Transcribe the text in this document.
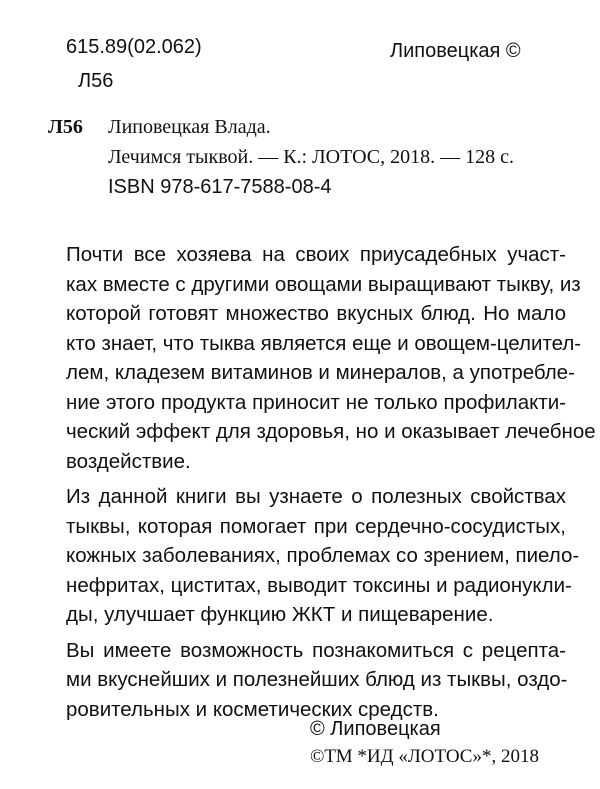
615.89(02.062)
Л56
Липовецкая ©
Л56 Липовецкая Влада.
Лечимся тыквой. — К.: ЛОТОС, 2018. — 128 с.
ISBN 978-617-7588-08-4
Почти все хозяева на своих приусадебных участ-
ках вместе с другими овощами выращивают тыкву, из
которой готовят множество вкусных блюд. Но мало
кто знает, что тыква является еще и овощем-целител-
лем, кладезем витаминов и минералов, а употребле-
ние этого продукта приносит не только профилакти-
ческий эффект для здоровья, но и оказывает лечебное
воздействие.
Из данной книги вы узнаете о полезных свойствах
тыквы, которая помогает при сердечно-сосудистых,
кожных заболеваниях, проблемах со зрением, пиело-
нефритах, циститах, выводит токсины и радионукли-
ды, улучшает функцию ЖКТ и пищеварение.
Вы имеете возможность познакомиться с рецепта-
ми вкуснейших и полезнейших блюд из тыквы, оздо-
ровительных и косметических средств.
© Липовецкая
©ТМ *ИД «ЛОТОС»*, 2018
